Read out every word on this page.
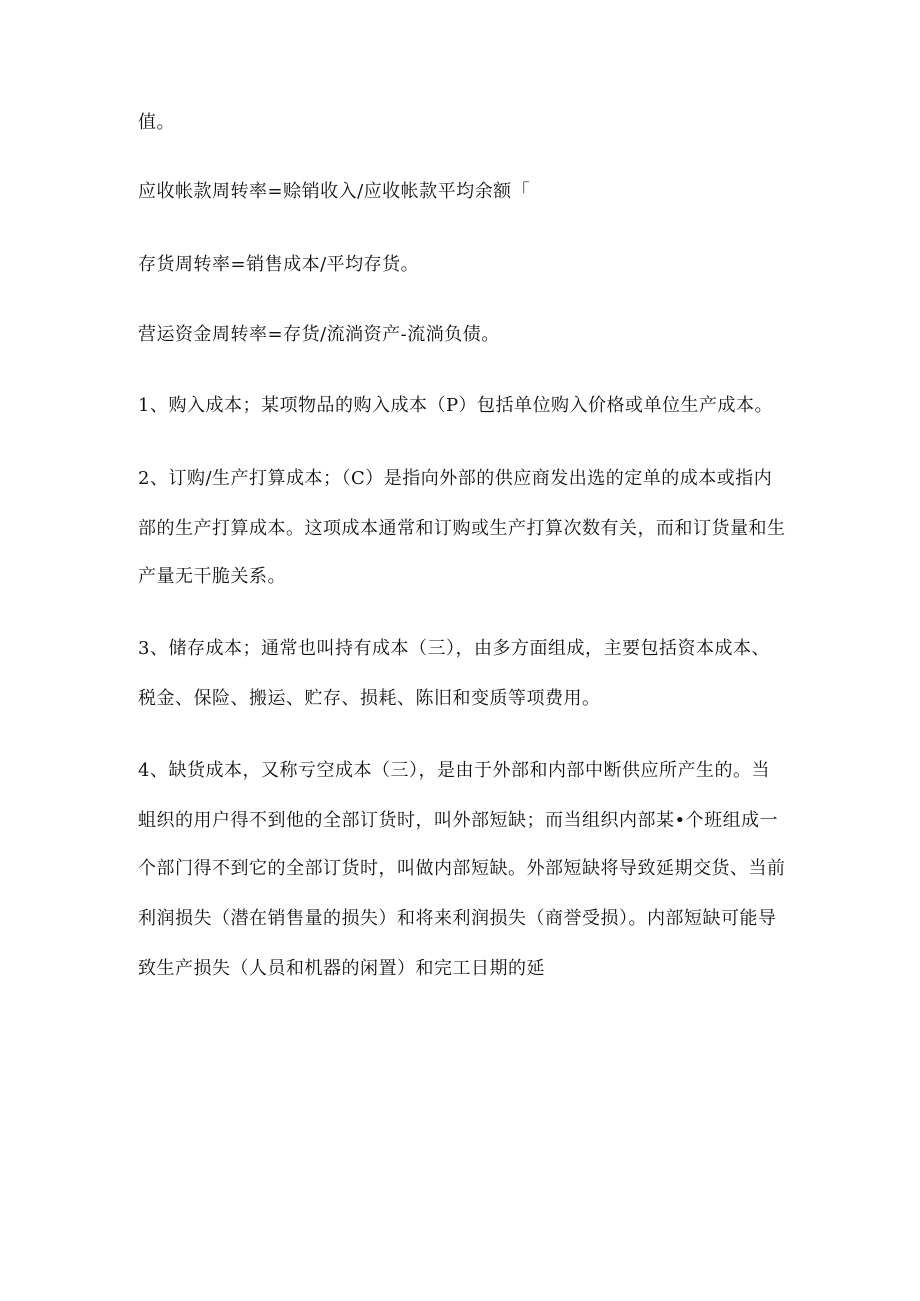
值。
应收帐款周转率=赊销收入/应收帐款平均余额「
存货周转率=销售成本/平均存货。
营运资金周转率=存货/流淌资产-流淌负债。
1、购入成本；某项物品的购入成本（P）包括单位购入价格或单位生产成本。
2、订购/生产打算成本；（C）是指向外部的供应商发出选的定单的成本或指内
部的生产打算成本。这项成本通常和订购或生产打算次数有关，而和订货量和生
产量无干脆关系。
3、储存成本；通常也叫持有成本（三），由多方面组成，主要包括资本成本、
税金、保险、搬运、贮存、损耗、陈旧和变质等项费用。
4、缺货成本，又称亏空成本（三），是由于外部和内部中断供应所产生的。当
蛆织的用户得不到他的全部订货时，叫外部短缺；而当组织内部某•个班组成一
个部门得不到它的全部订货时，叫做内部短缺。外部短缺将导致延期交货、当前
利润损失（潜在销售量的损失）和将来利润损失（商誉受损）。内部短缺可能导
致生产损失（人员和机器的闲置）和完工日期的延
